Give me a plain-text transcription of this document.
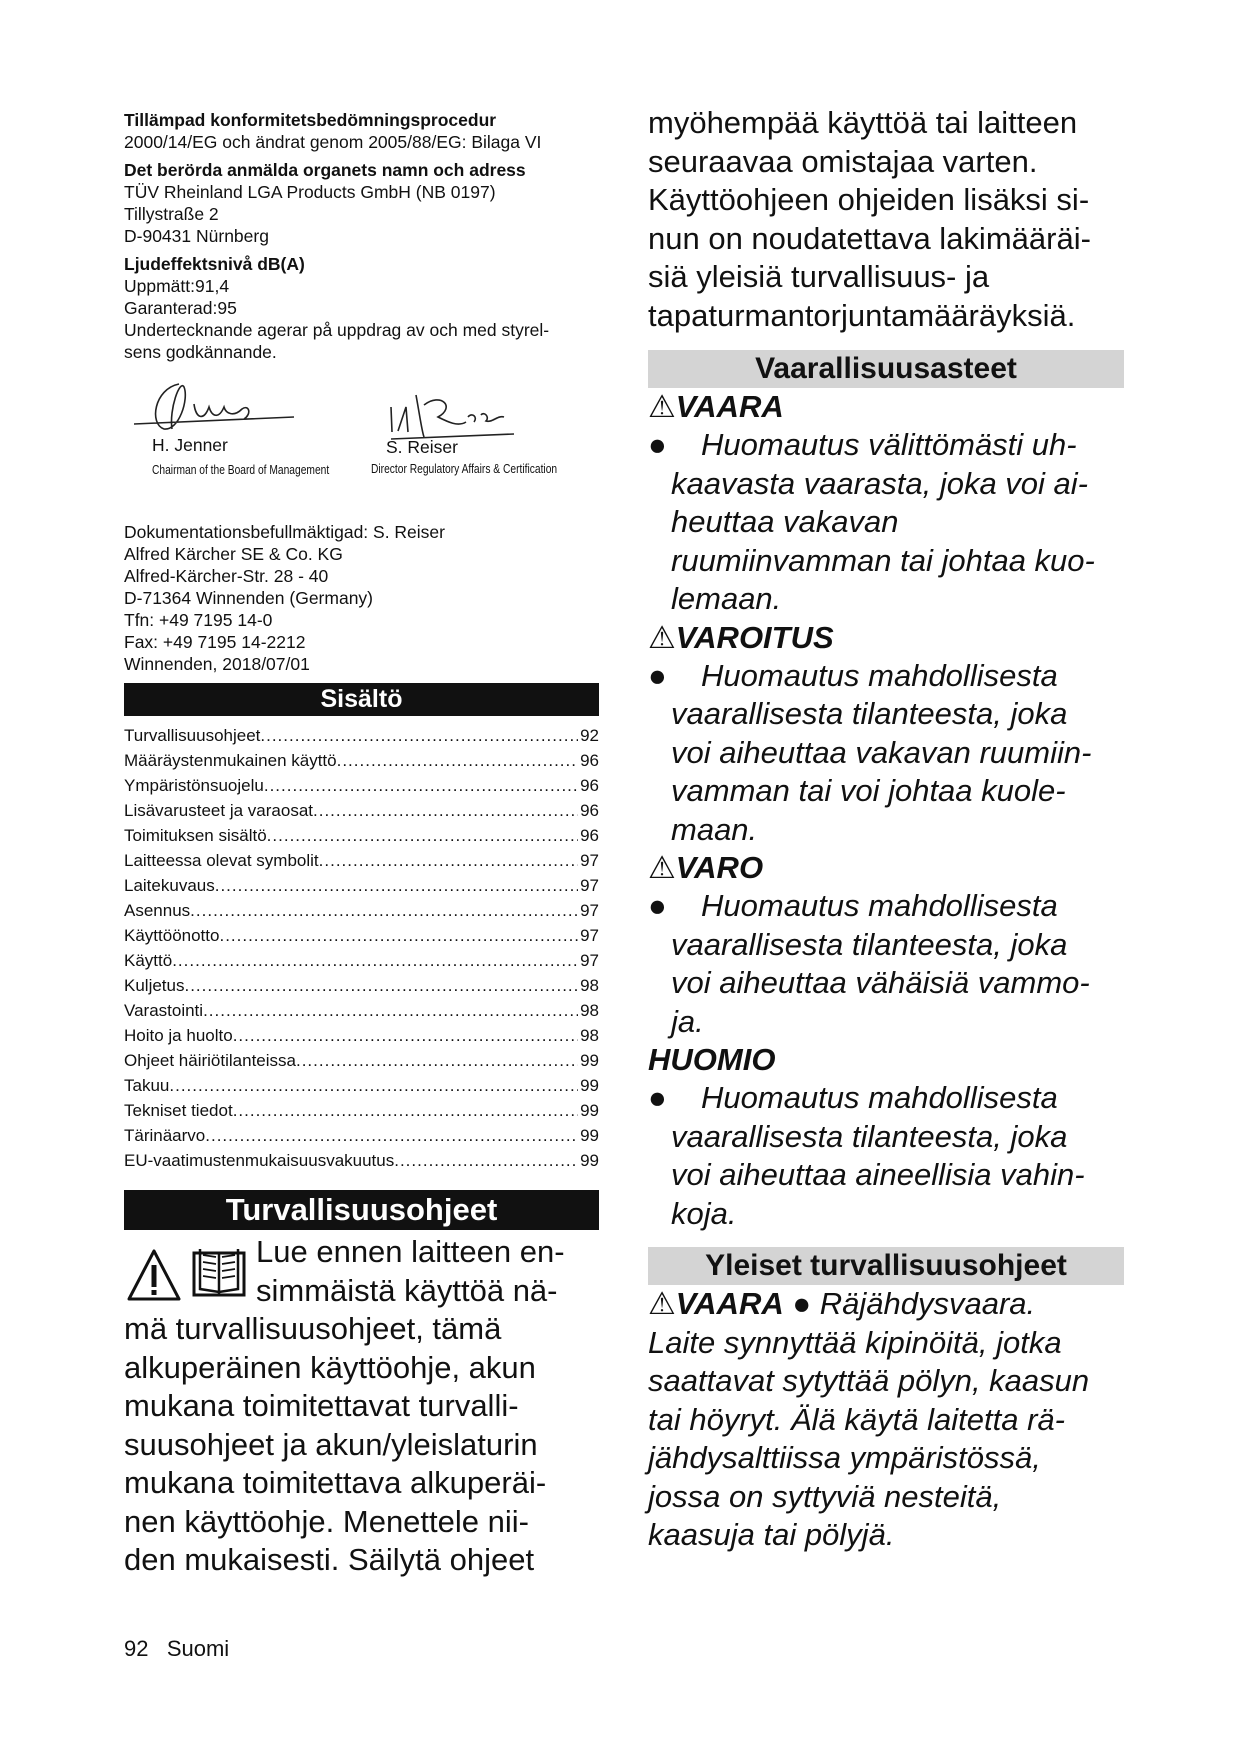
Tillämpad konformitetsbedömningsprocedur
2000/14/EG och ändrat genom 2005/88/EG: Bilaga VI
Det berörda anmälda organets namn och adress
TÜV Rheinland LGA Products GmbH (NB 0197)
Tillystraße 2
D-90431 Nürnberg
Ljudeffektsnivå dB(A)
Uppmätt:91,4
Garanterad:95
Undertecknande agerar på uppdrag av och med styrel-
sens godkännande.
H. Jenner
Chairman of the Board of Management
S. Reiser
Director Regulatory Affairs & Certification
Dokumentationsbefullmäktigad: S. Reiser
Alfred Kärcher SE & Co. KG
Alfred-Kärcher-Str. 28 - 40
D-71364 Winnenden (Germany)
Tfn: +49 7195 14-0
Fax: +49 7195 14-2212
Winnenden, 2018/07/01
Sisältö
Turvallisuusohjeet .....	92
Määräystenmukainen käyttö .....	96
Ympäristönsuojelu .....	96
Lisävarusteet ja varaosat .....	96
Toimituksen sisältö .....	96
Laitteessa olevat symbolit .....	97
Laitekuvaus .....	97
Asennus .....	97
Käyttöönotto .....	97
Käyttö .....	97
Kuljetus .....	98
Varastointi .....	98
Hoito ja huolto .....	98
Ohjeet häiriötilanteissa .....	99
Takuu .....	99
Tekniset tiedot .....	99
Tärinäarvo .....	99
EU-vaatimustenmukaisuusvakuutus .....	99
Turvallisuusohjeet
Lue ennen laitteen en-
simmäistä käyttöä nä-
mä turvallisuusohjeet, tämä
alkuperäinen käyttöohje, akun
mukana toimitettavat turvalli-
suusohjeet ja akun/yleislaturin
mukana toimitettava alkuperäi-
nen käyttöohje. Menettele nii-
den mukaisesti. Säilytä ohjeet
myöhempää käyttöä tai laitteen
seuraavaa omistajaa varten.
Käyttöohjeen ohjeiden lisäksi si-
nun on noudatettava lakimääräi-
siä yleisiä turvallisuus- ja
tapaturmantorjuntamääräyksiä.
Vaarallisuusasteet
⚠VAARA
●	Huomautus välittömästi uh-
kaavasta vaarasta, joka voi ai-
heuttaa vakavan
ruumiinvamman tai johtaa kuo-
lemaan.
⚠VAROITUS
●	Huomautus mahdollisesta
vaarallisesta tilanteesta, joka
voi aiheuttaa vakavan ruumiin-
vamman tai voi johtaa kuole-
maan.
⚠VARO
●	Huomautus mahdollisesta
vaarallisesta tilanteesta, joka
voi aiheuttaa vähäisiä vammo-
ja.
HUOMIO
●	Huomautus mahdollisesta
vaarallisesta tilanteesta, joka
voi aiheuttaa aineellisia vahin-
koja.
Yleiset turvallisuusohjeet
⚠VAARA ● Räjähdysvaara.
Laite synnyttää kipinöitä, jotka
saattavat sytyttää pölyn, kaasun
tai höyryt. Älä käytä laitetta rä-
jähdysalttiissa ympäristössä,
jossa on syttyviä nesteitä,
kaasuja tai pölyjä.
92 Suomi
